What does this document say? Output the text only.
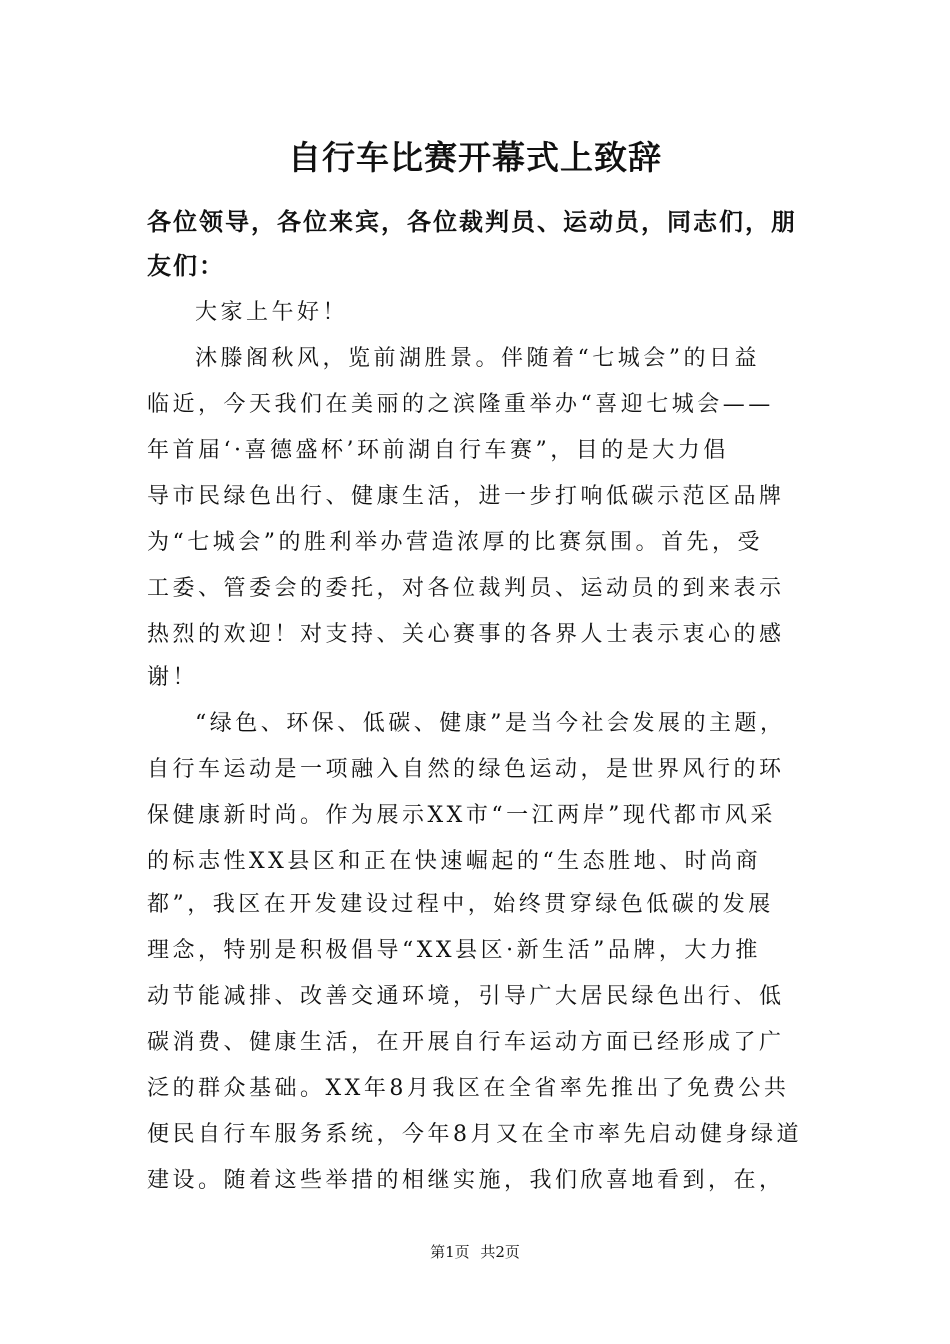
自行车比赛开幕式上致辞
各位领导，各位来宾，各位裁判员、运动员，同志们，朋友们：
大家上午好！
沐滕阁秋风，览前湖胜景。伴随着“七城会”的日益
临近，今天我们在美丽的之滨隆重举办“喜迎七城会——
年首届‘·喜德盛杯’环前湖自行车赛”，目的是大力倡
导市民绿色出行、健康生活，进一步打响低碳示范区品牌
为“七城会”的胜利举办营造浓厚的比赛氛围。首先，受
工委、管委会的委托，对各位裁判员、运动员的到来表示
热烈的欢迎！对支持、关心赛事的各界人士表示衷心的感
谢！
“绿色、环保、低碳、健康”是当今社会发展的主题，
自行车运动是一项融入自然的绿色运动，是世界风行的环
保健康新时尚。作为展示XX市“一江两岸”现代都市风采
的标志性XX县区和正在快速崛起的“生态胜地、时尚商
都”，我区在开发建设过程中，始终贯穿绿色低碳的发展
理念，特别是积极倡导“XX县区·新生活”品牌，大力推
动节能减排、改善交通环境，引导广大居民绿色出行、低
碳消费、健康生活，在开展自行车运动方面已经形成了广
泛的群众基础。XX年8月我区在全省率先推出了免费公共
便民自行车服务系统，今年8月又在全市率先启动健身绿道
建设。随着这些举措的相继实施，我们欣喜地看到，在，
第1页 共2页
